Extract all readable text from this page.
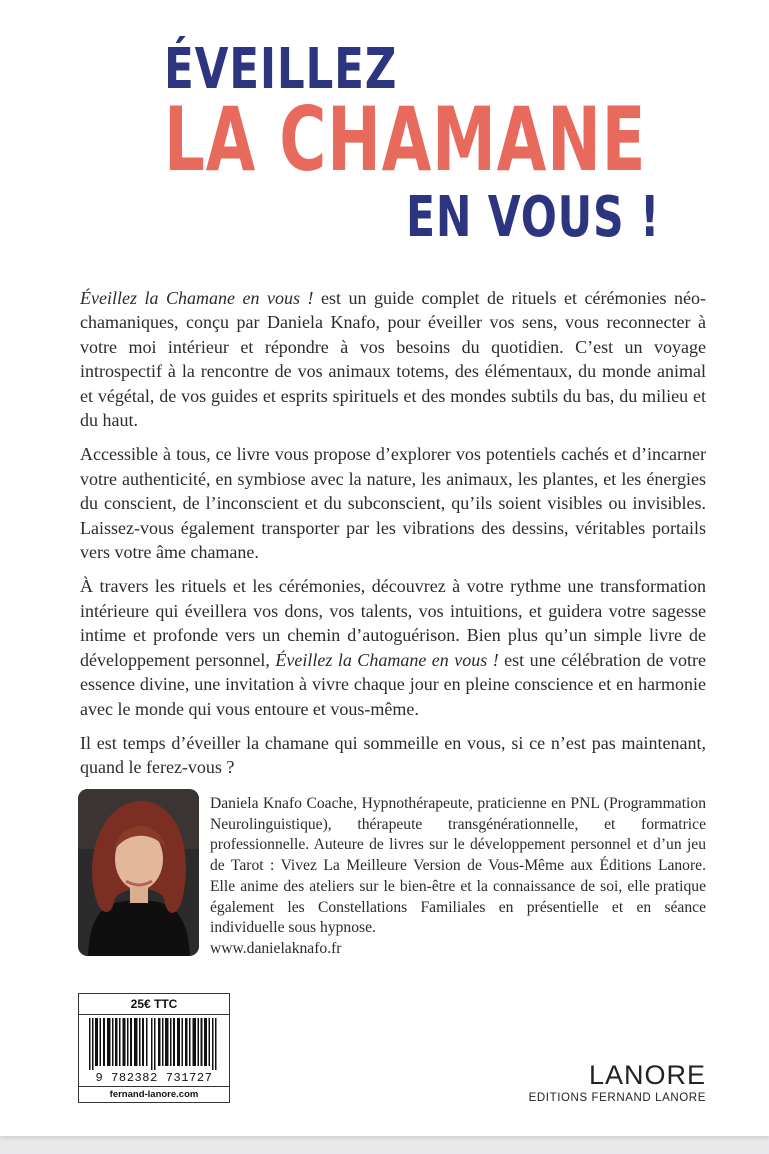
ÉVEILLEZ
LA CHAMANE
EN VOUS !

Éveillez la Chamane en vous ! est un guide complet de rituels et cérémonies néo-chamaniques, conçu par Daniela Knafo, pour éveiller vos sens, vous reconnecter à votre moi intérieur et répondre à vos besoins du quotidien. C’est un voyage introspectif à la rencontre de vos animaux totems, des élémentaux, du monde animal et végétal, de vos guides et esprits spirituels et des mondes subtils du bas, du milieu et du haut.

Accessible à tous, ce livre vous propose d’explorer vos potentiels cachés et d’incarner votre authenticité, en symbiose avec la nature, les animaux, les plantes, et les énergies du conscient, de l’inconscient et du subconscient, qu’ils soient visibles ou invisibles. Laissez-vous également transporter par les vibrations des dessins, véritables portails vers votre âme chamane.

À travers les rituels et les cérémonies, découvrez à votre rythme une transformation intérieure qui éveillera vos dons, vos talents, vos intuitions, et guidera votre sagesse intime et profonde vers un chemin d’autoguérison. Bien plus qu’un simple livre de développement personnel, Éveillez la Chamane en vous ! est une célébration de votre essence divine, une invitation à vivre chaque jour en pleine conscience et en harmonie avec le monde qui vous entoure et vous-même.

Il est temps d’éveiller la chamane qui sommeille en vous, si ce n’est pas maintenant, quand le ferez-vous ?

Daniela Knafo Coache, Hypnothérapeute, praticienne en PNL (Programmation Neurolinguistique), thérapeute transgénérationnelle, et formatrice professionnelle. Auteure de livres sur le développement personnel et d’un jeu de Tarot : Vivez La Meilleure Version de Vous-Même aux Éditions Lanore. Elle anime des ateliers sur le bien-être et la connaissance de soi, elle pratique également les Constellations Familiales en présentielle et en séance individuelle sous hypnose.
www.danielaknafo.fr
25€ TTC
9 782382 731727
fernand-lanore.com
LANORE
EDITIONS FERNAND LANORE
